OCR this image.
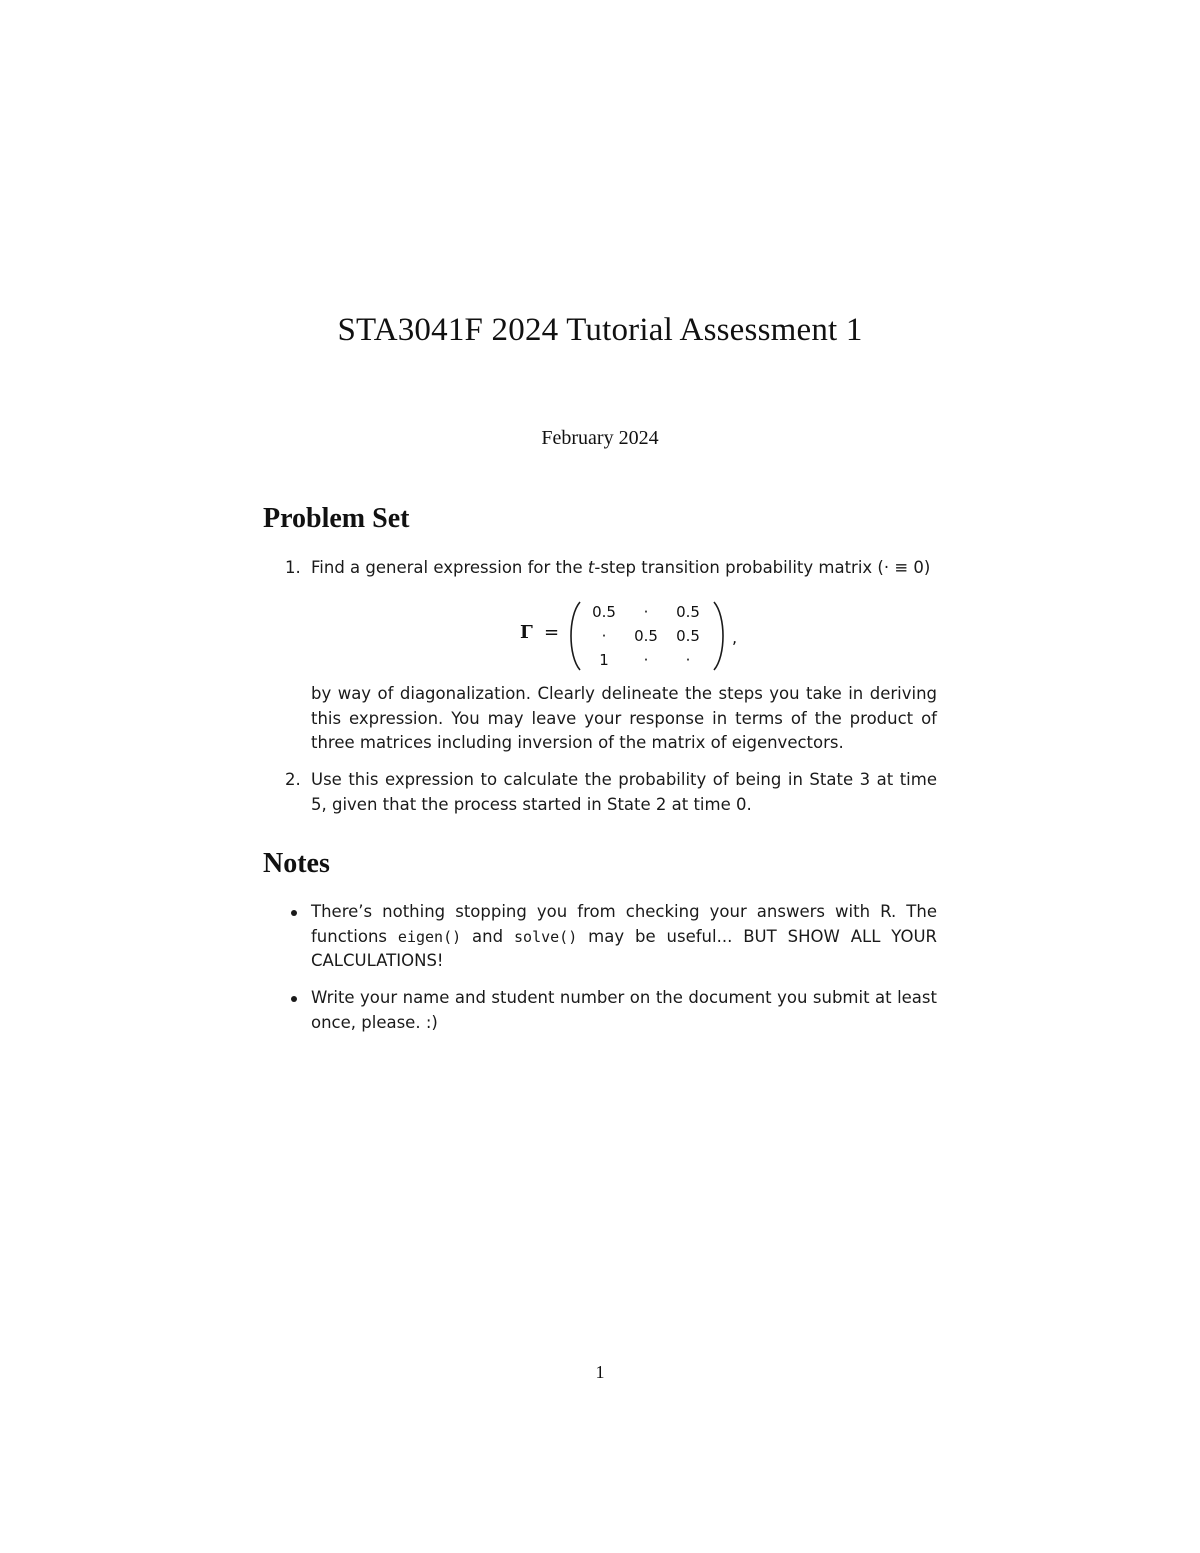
STA3041F 2024 Tutorial Assessment 1
February 2024
Problem Set
1. Find a general expression for the t-step transition probability matrix (· ≡ 0)
Γ =
0.5	·	0.5
·	0.5	0.5
1	·	·
,
by way of diagonalization. Clearly delineate the steps you take in deriving this expression. You may leave your response in terms of the product of three matrices including inversion of the matrix of eigenvectors.
2. Use this expression to calculate the probability of being in State 3 at time 5, given that the process started in State 2 at time 0.
Notes
There’s nothing stopping you from checking your answers with R. The functions eigen() and solve() may be useful... BUT SHOW ALL YOUR CALCULATIONS!
Write your name and student number on the document you submit at least once, please. :)
1
